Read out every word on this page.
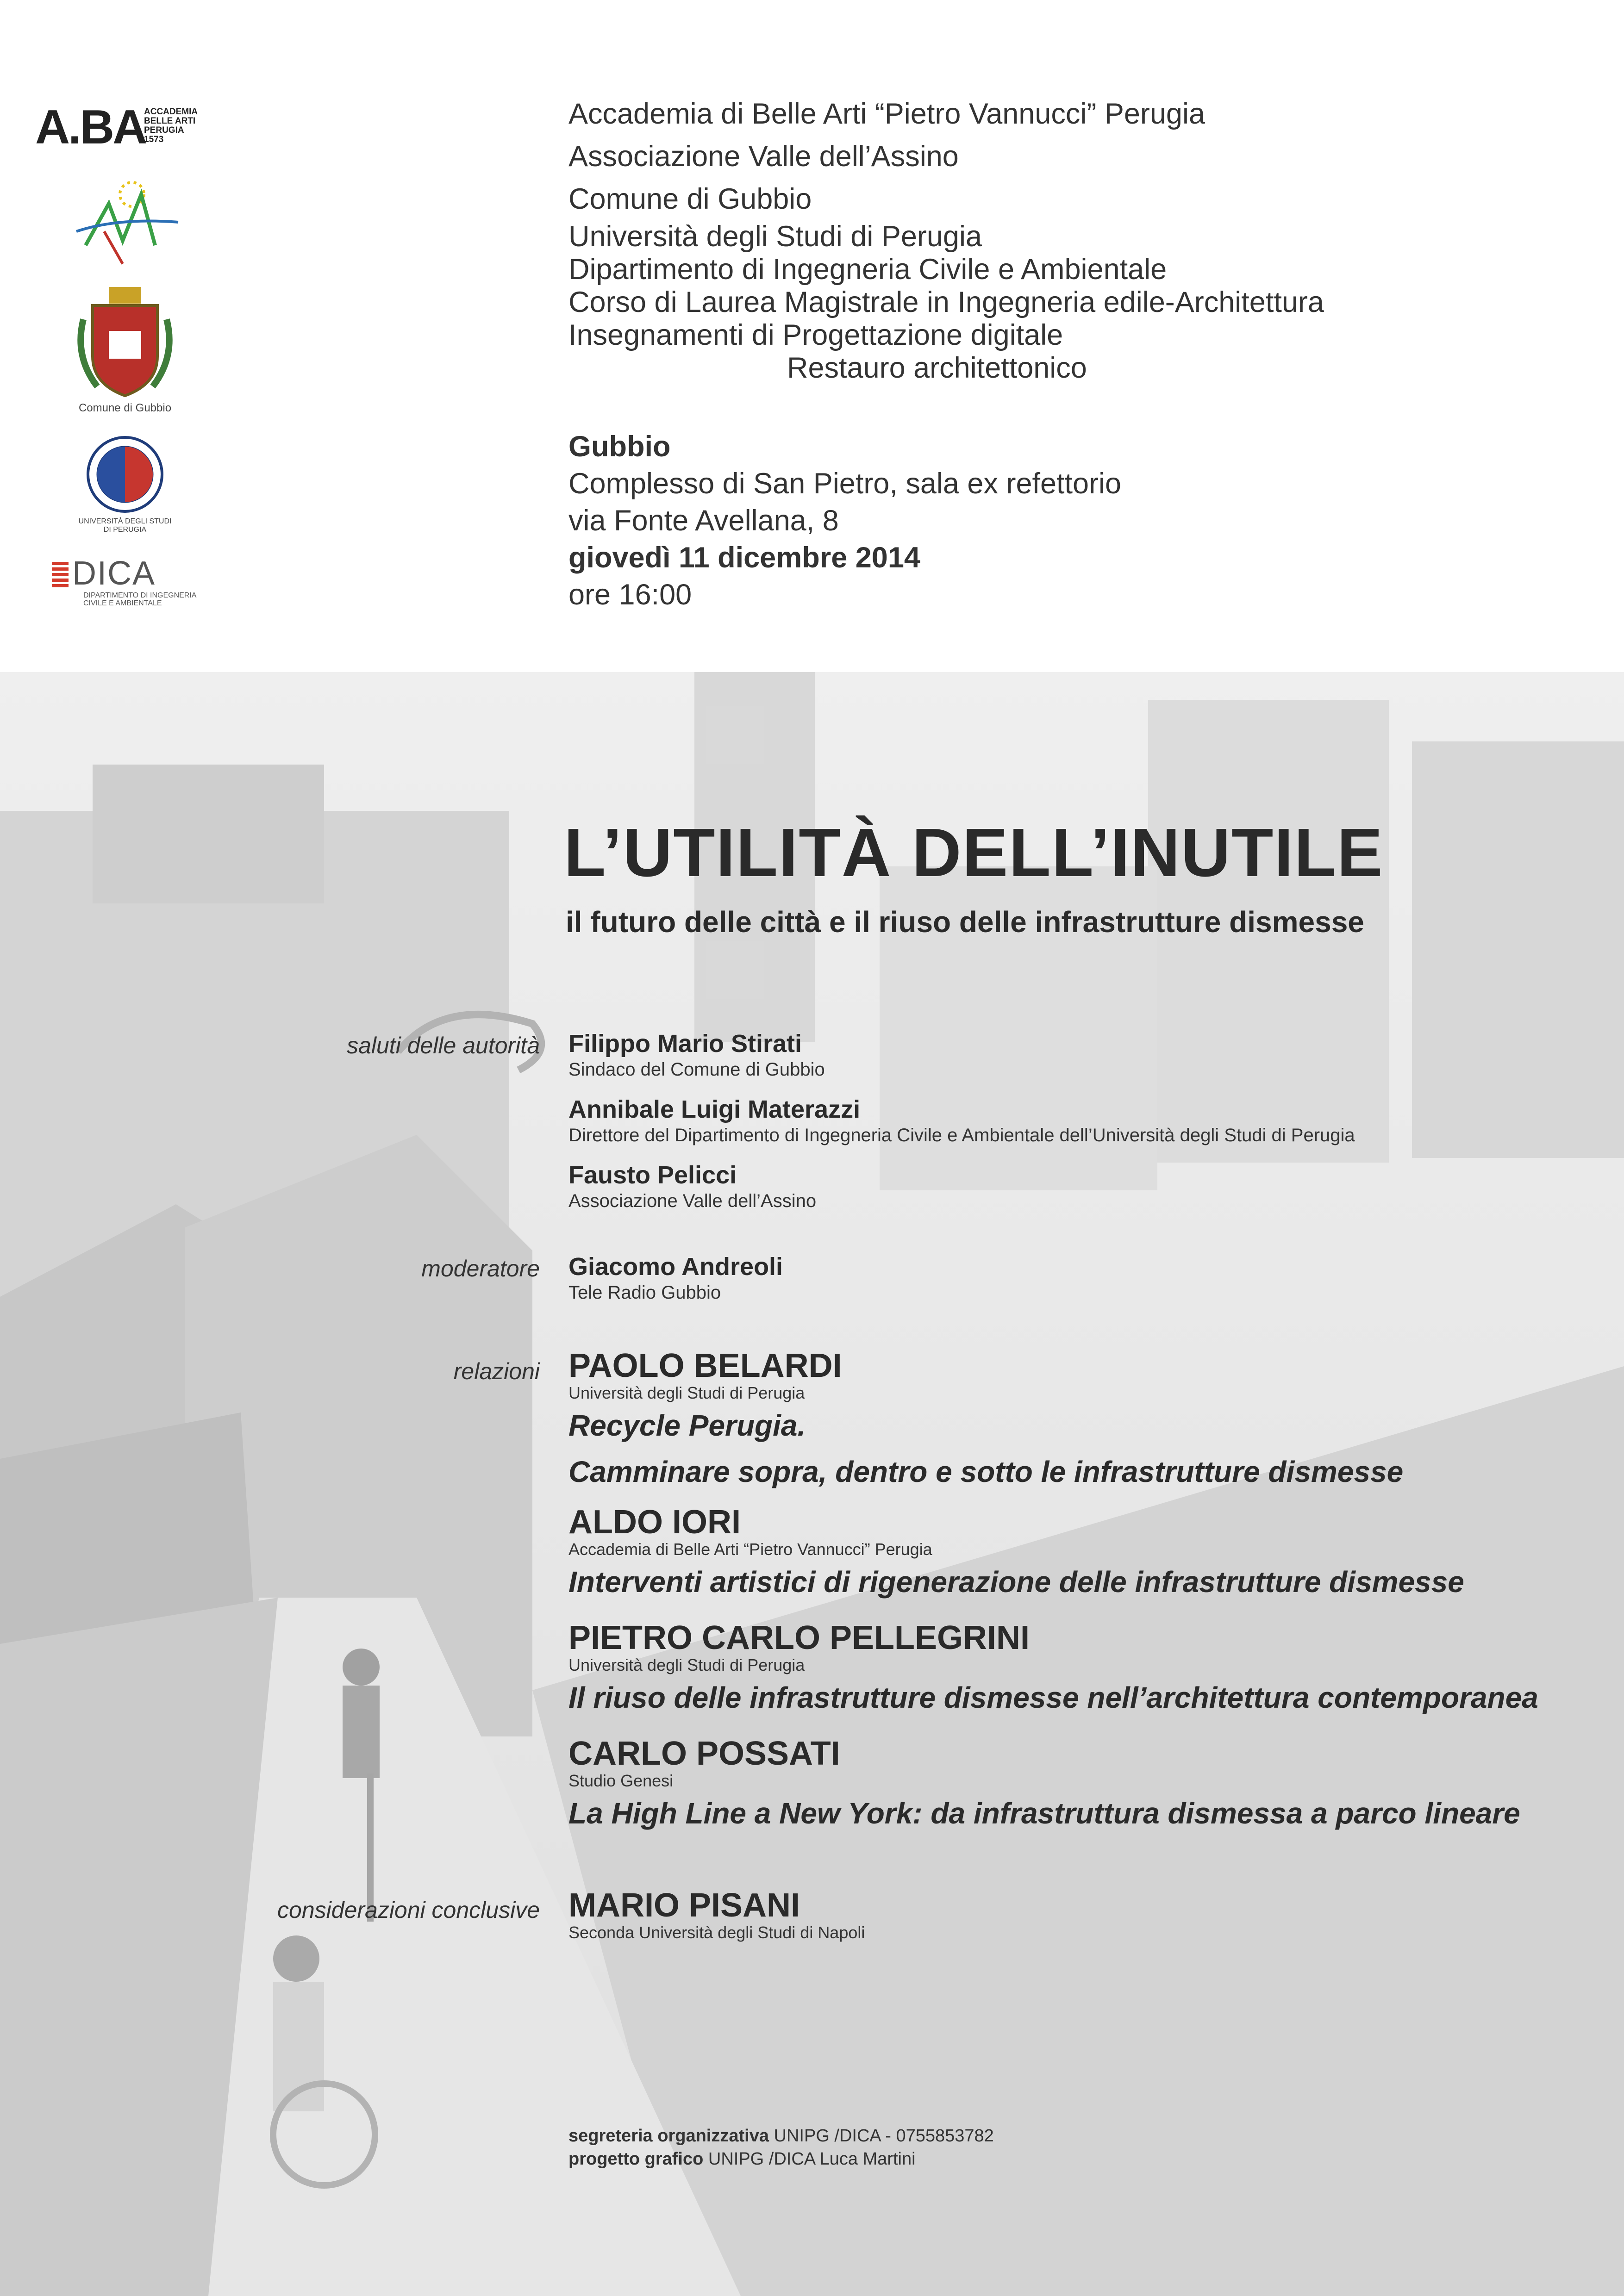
A.BA
ACCADEMIA
BELLE ARTI
PERUGIA
1573
Comune di Gubbio
UNIVERSITÀ DEGLI STUDI
DI PERUGIA
DICA
DIPARTIMENTO DI INGEGNERIA
CIVILE E AMBIENTALE
Accademia di Belle Arti “Pietro Vannucci” Perugia
Associazione Valle dell’Assino
Comune di Gubbio
Università degli Studi di Perugia
Dipartimento di Ingegneria Civile e Ambientale
Corso di Laurea Magistrale in Ingegneria edile-Architettura
Insegnamenti di Progettazione digitale
Restauro architettonico
Gubbio
Complesso di San Pietro, sala ex refettorio
via Fonte Avellana, 8
giovedì 11 dicembre 2014
ore 16:00
L’UTILITÀ DELL’INUTILE
il futuro delle città e il riuso delle infrastrutture dismesse
saluti delle autorità Filippo Mario Stirati
Sindaco del Comune di Gubbio
Annibale Luigi Materazzi
Direttore del Dipartimento di Ingegneria Civile e Ambientale dell’Università degli Studi di Perugia
Fausto Pelicci
Associazione Valle dell’Assino
moderatore Giacomo Andreoli
Tele Radio Gubbio
relazioni PAOLO BELARDI
Università degli Studi di Perugia
Recycle Perugia.
Camminare sopra, dentro e sotto le infrastrutture dismesse
ALDO IORI
Accademia di Belle Arti “Pietro Vannucci” Perugia
Interventi artistici di rigenerazione delle infrastrutture dismesse
PIETRO CARLO PELLEGRINI
Università degli Studi di Perugia
Il riuso delle infrastrutture dismesse nell’architettura contemporanea
CARLO POSSATI
Studio Genesi
La High Line a New York: da infrastruttura dismessa a parco lineare
considerazioni conclusive MARIO PISANI
Seconda Università degli Studi di Napoli
segreteria organizzativa UNIPG /DICA - 0755853782
progetto grafico UNIPG /DICA Luca Martini
